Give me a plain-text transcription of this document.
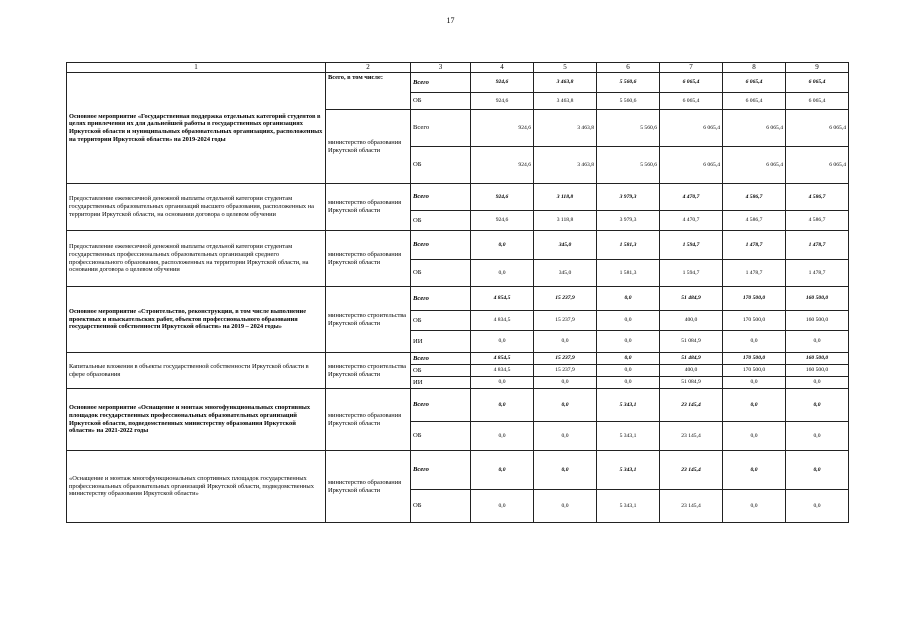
17
1	2	3	4	5	6	7	8	9
Основное мероприятие «Государственная поддержка отдельных категорий студентов в целях привлечения их для дальнейшей работы в государственных организациях Иркутской области и муниципальных образовательных организациях, расположенных на территории Иркутской области» на 2019-2024 годы	Всего, в том числе:	Всего	924,6	3 463,8	5 560,6	6 065,4	6 065,4	6 065,4
		ОБ	924,6	3 463,8	5 560,6	6 065,4	6 065,4	6 065,4
	министерство образования Иркутской области	Всего	924,6	3 463,8	5 560,6	6 065,4	6 065,4	6 065,4
		ОБ	924,6	3 463,8	5 560,6	6 065,4	6 065,4	6 065,4
Предоставление ежемесячной денежной выплаты отдельной категории студентам государственных образовательных организаций высшего образования, расположенных на территории Иркутской области, на основании договора о целевом обучении	министерство образования Иркутской области	Всего	924,6	3 118,8	3 979,3	4 470,7	4 586,7	4 586,7
		ОБ	924,6	3 118,8	3 979,3	4 470,7	4 586,7	4 586,7
Предоставление ежемесячной денежной выплаты отдельной категории студентам государственных профессиональных образовательных организаций среднего профессионального образования, расположенных на территории Иркутской области, на основании договора о целевом обучении	министерство образования Иркутской области	Всего	0,0	345,0	1 581,3	1 594,7	1 478,7	1 478,7
		ОБ	0,0	345,0	1 581,3	1 594,7	1 478,7	1 478,7
Основное мероприятие «Строительство, реконструкция, в том числе выполнение проектных и изыскательских работ, объектов профессионального образования государственной собственности Иркутской области» на 2019 – 2024 годы»	министерство строительства Иркутской области	Всего	4 854,5	15 237,9	0,0	51 484,9	170 500,0	160 500,0
		ОБ	4 834,5	15 237,9	0,0	400,0	170 500,0	160 500,0
		ИИ	0,0	0,0	0,0	51 084,9	0,0	0,0
Капитальные вложения в объекты государственной собственности Иркутской области в сфере образования	министерство строительства Иркутской области	Всего	4 854,5	15 237,9	0,0	51 484,9	170 500,0	160 500,0
		ОБ	4 834,5	15 237,9	0,0	400,0	170 500,0	160 500,0
		ИИ	0,0	0,0	0,0	51 084,9	0,0	0,0
Основное мероприятие «Оснащение и монтаж многофункциональных спортивных площадок государственных профессиональных образовательных организаций Иркутской области, подведомственных министерству образования Иркутской области» на 2021-2022 годы	министерство образования Иркутской области	Всего	0,0	0,0	5 343,1	23 145,4	0,0	0,0
		ОБ	0,0	0,0	5 343,1	23 145,4	0,0	0,0
«Оснащение и монтаж многофункциональных спортивных площадок государственных профессиональных образовательных организаций Иркутской области, подведомственных министерству образования Иркутской области»	министерство образования Иркутской области	Всего	0,0	0,0	5 343,1	23 145,4	0,0	0,0
		ОБ	0,0	0,0	5 343,1	23 145,4	0,0	0,0
